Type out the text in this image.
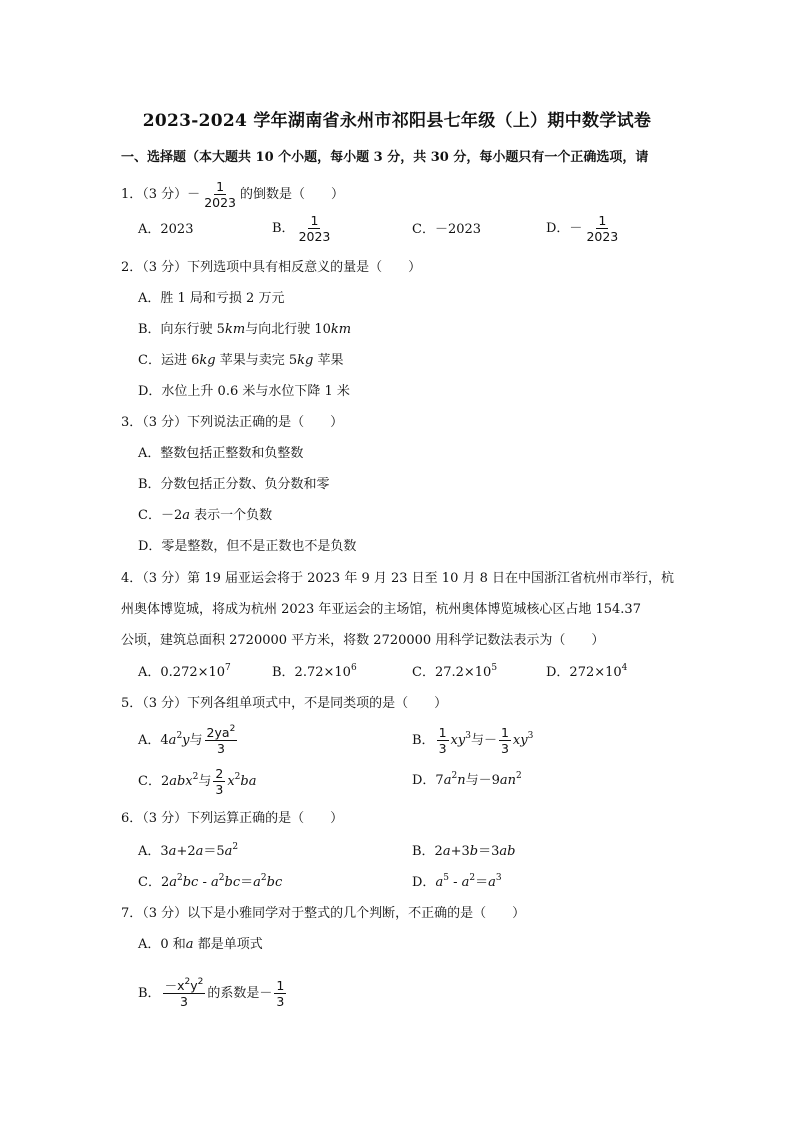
2023-2024 学年湖南省永州市祁阳县七年级（上）期中数学试卷
一、选择题（本大题共 10 个小题，每小题 3 分，共 30 分，每小题只有一个正确选项，请
1．（3 分）－ $\frac{1}{2023}$ 的倒数是（　　）
A．2023	B． $\frac{1}{2023}$	C．－2023	D．－ $\frac{1}{2023}$
2．（3 分）下列选项中具有相反意义的量是（　　）
A．胜 1 局和亏损 2 万元
B．向东行驶 5km与向北行驶 10km
C．运进 6kg 苹果与卖完 5kg 苹果
D．水位上升 0.6 米与水位下降 1 米
3．（3 分）下列说法正确的是（　　）
A．整数包括正整数和负整数
B．分数包括正分数、负分数和零
C．－2a 表示一个负数
D．零是整数，但不是正数也不是负数
4．（3 分）第 19 届亚运会将于 2023 年 9 月 23 日至 10 月 8 日在中国浙江省杭州市举行，杭
州奥体博览城，将成为杭州 2023 年亚运会的主场馆，杭州奥体博览城核心区占地 154.37
公顷，建筑总面积 2720000 平方米，将数 2720000 用科学记数法表示为（　　）
A．$0.272\times 10^7$	B．$2.72\times 10^6$	C．$27.2\times 10^5$	D．$272\times 10^4$
5．（3 分）下列各组单项式中，不是同类项的是（　　）
A．$4a^2y$与 $\frac{2ya^2}{3}$	B． $\frac{1}{3} xy^3$与－ $\frac{1}{3} xy^3$
C．2abx$^2$与 $\frac{2}{3} x^2ba$	D．$7a^2n$与$-9an^2$
6．（3 分）下列运算正确的是（　　）
A．$3a+2a=5a^2$	B．2a+3b＝3ab
C．$2a^2bc - a^2bc=a^2bc$	D．$a^5 - a^2=a^3$
7．（3 分）以下是小雅同学对于整式的几个判断，不正确的是（　　）
A．0 和a 都是单项式
B． $\frac{-x^2y^2}{3}$ 的系数是－ $\frac{1}{3}$
